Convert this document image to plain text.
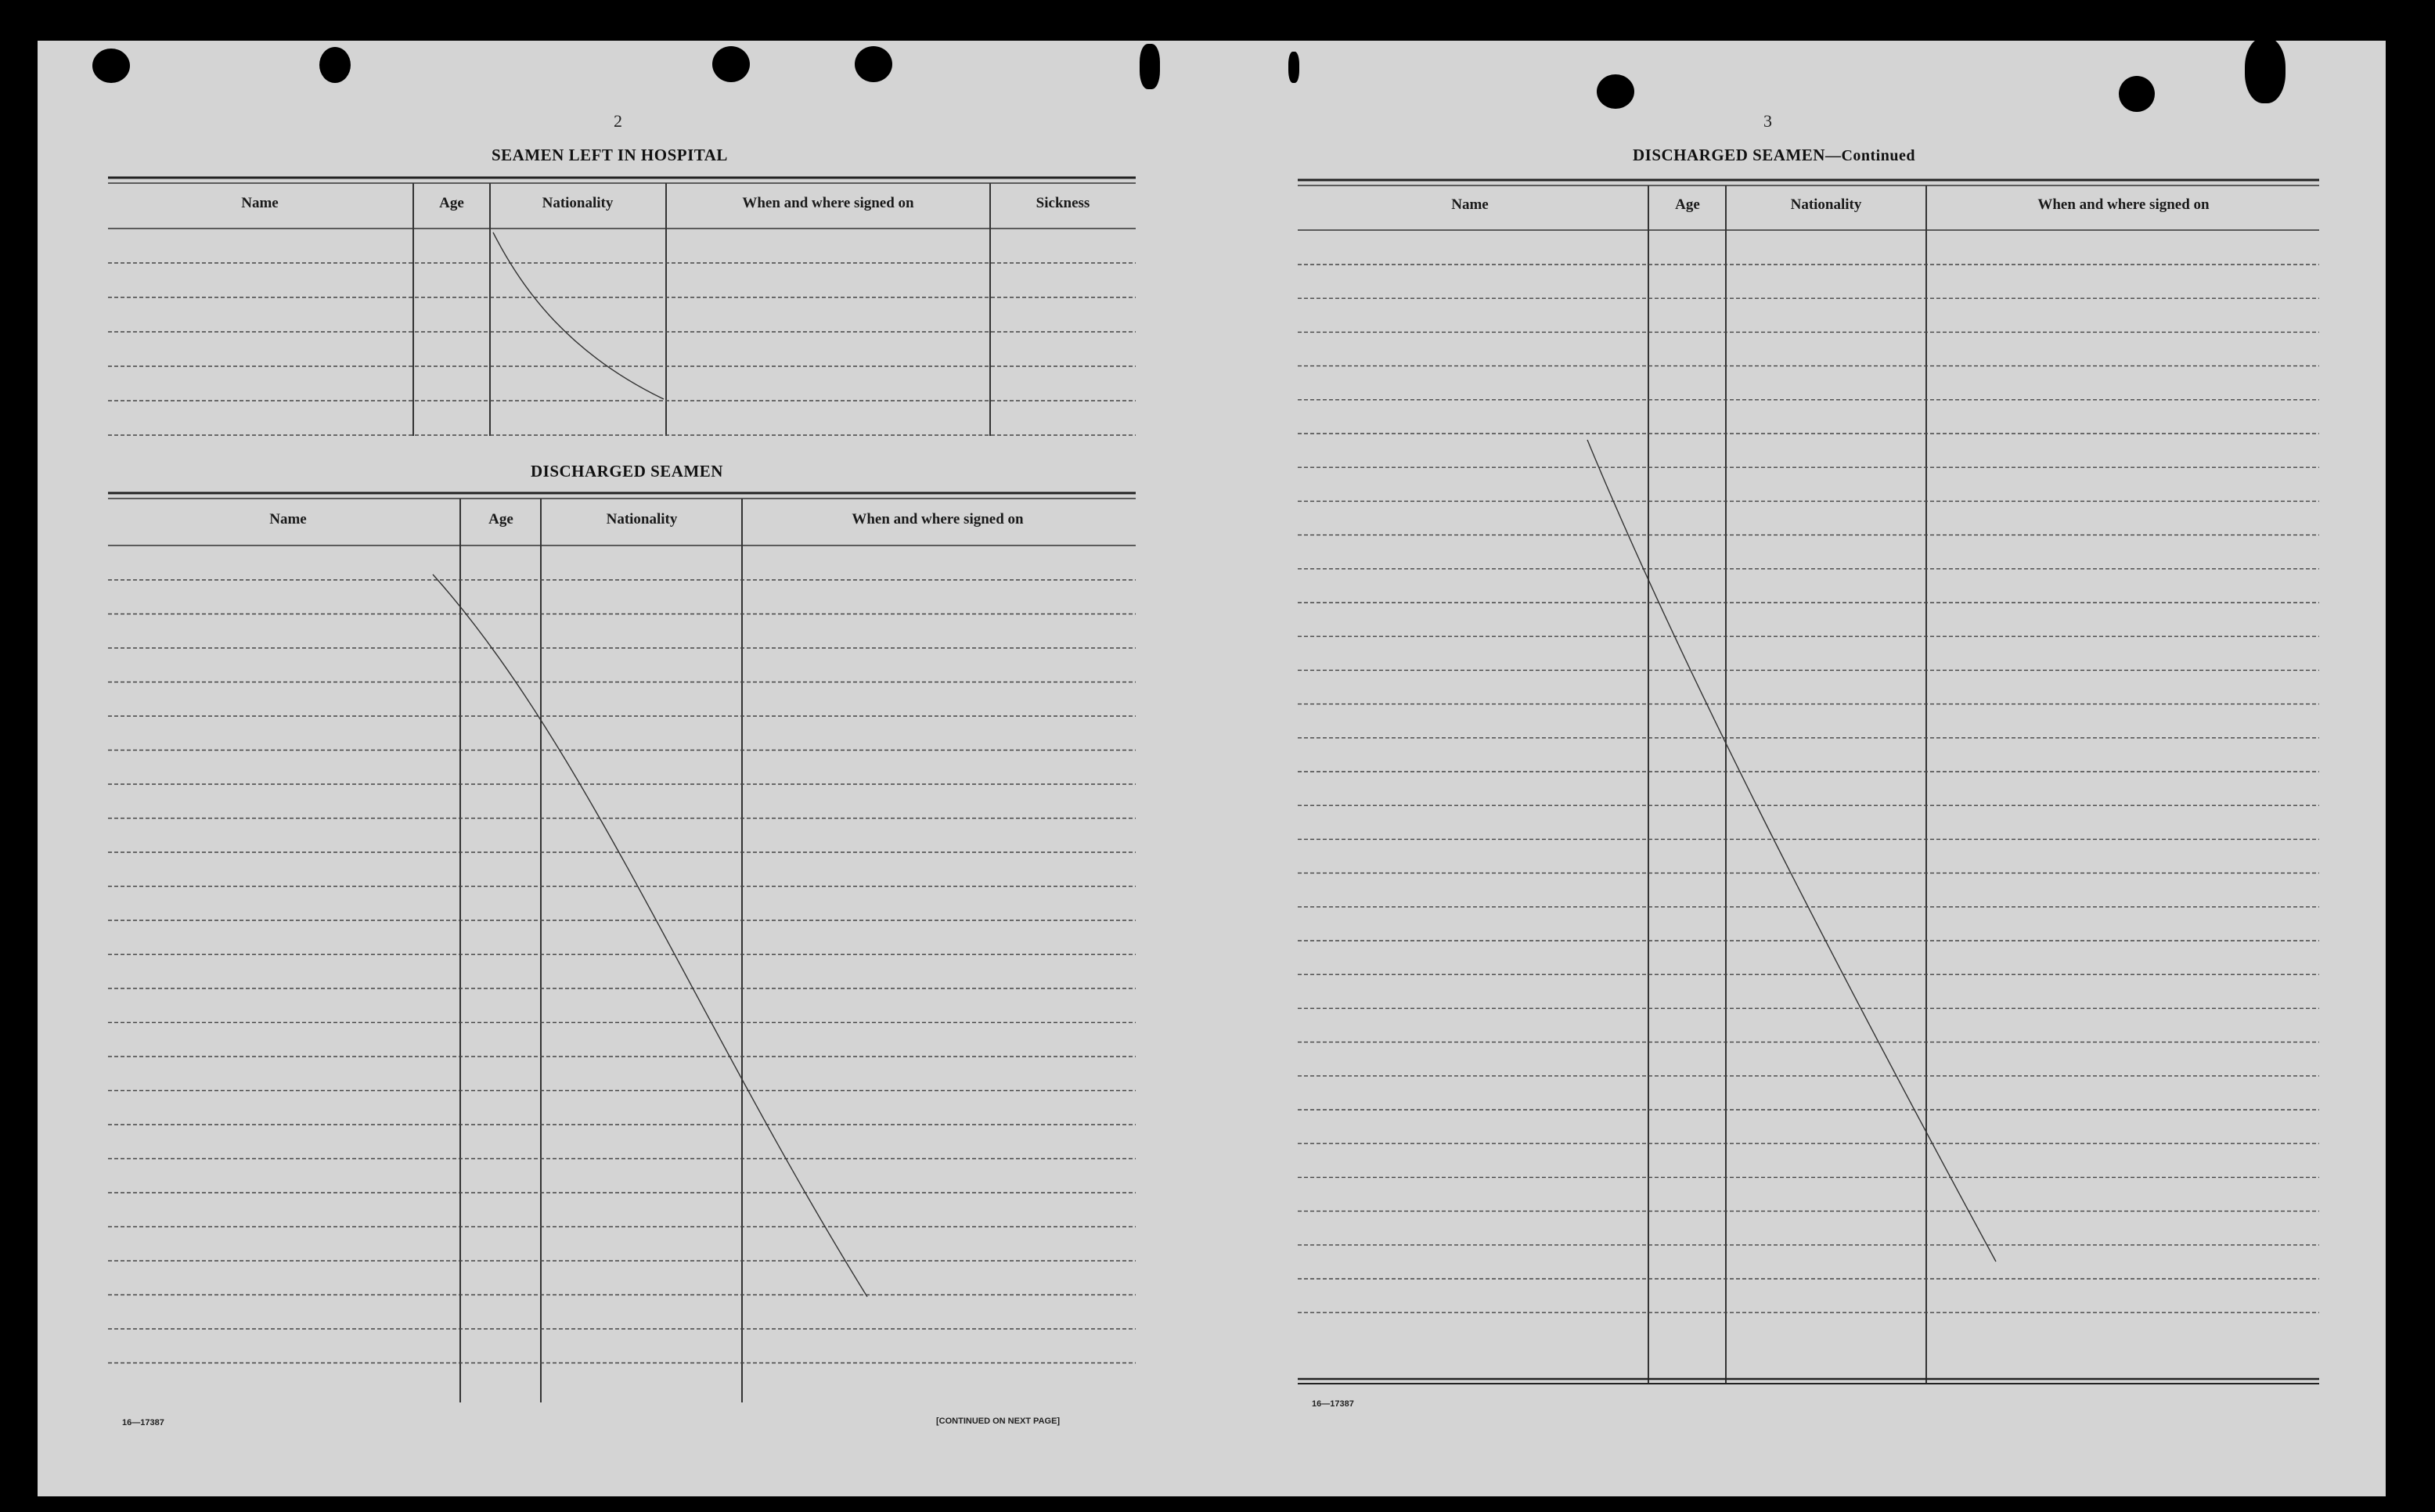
2
SEAMEN LEFT IN HOSPITAL
DISCHARGED SEAMEN
16—17387	[CONTINUED ON NEXT PAGE]
Name	Age	Nationality	When and where signed on	Sickness
Name	Age	Nationality	When and where signed on
3
DISCHARGED SEAMEN—Continued
16—17387
Name	Age	Nationality	When and where signed on
